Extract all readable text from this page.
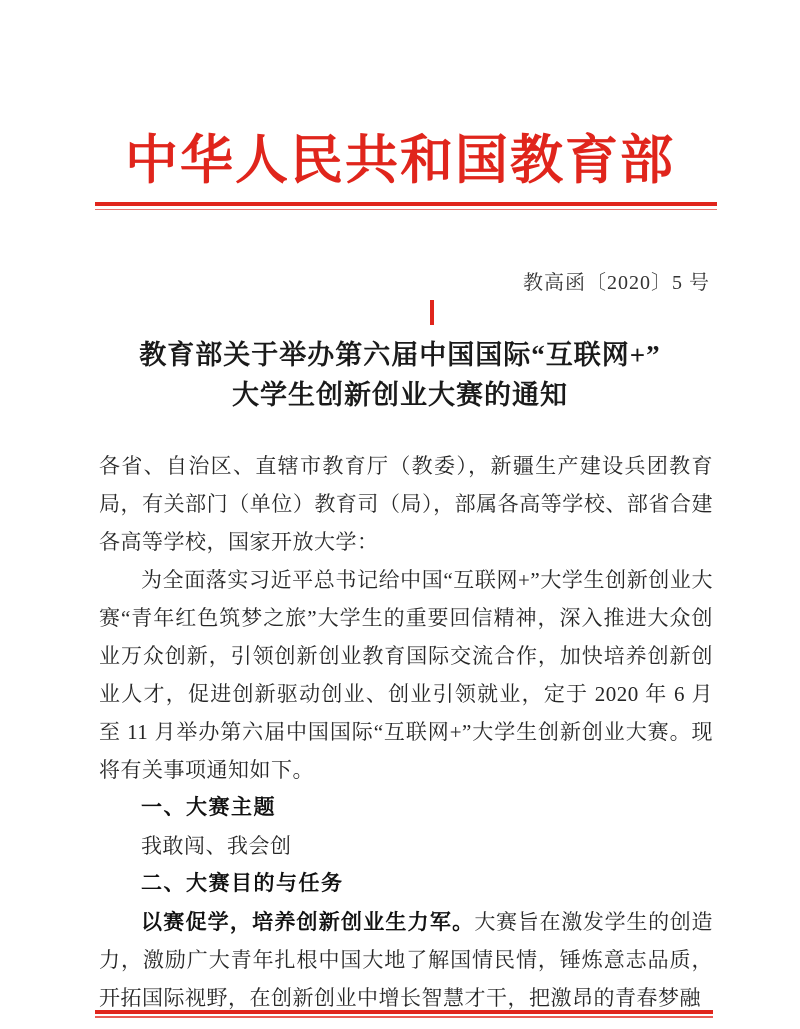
中华人民共和国教育部
教高函〔2020〕5 号
教育部关于举办第六届中国国际“互联网+”
大学生创新创业大赛的通知

各省、自治区、直辖市教育厅（教委），新疆生产建设兵团教育局，有关部门（单位）教育司（局），部属各高等学校、部省合建各高等学校，国家开放大学：

为全面落实习近平总书记给中国“互联网+”大学生创新创业大赛“青年红色筑梦之旅”大学生的重要回信精神，深入推进大众创业万众创新，引领创新创业教育国际交流合作，加快培养创新创业人才，促进创新驱动创业、创业引领就业，定于 2020 年 6 月至 11 月举办第六届中国国际“互联网+”大学生创新创业大赛。现将有关事项通知如下。

一、大赛主题

我敢闯、我会创

二、大赛目的与任务

以赛促学，培养创新创业生力军。大赛旨在激发学生的创造力，激励广大青年扎根中国大地了解国情民情，锤炼意志品质，开拓国际视野，在创新创业中增长智慧才干，把激昂的青春梦融
